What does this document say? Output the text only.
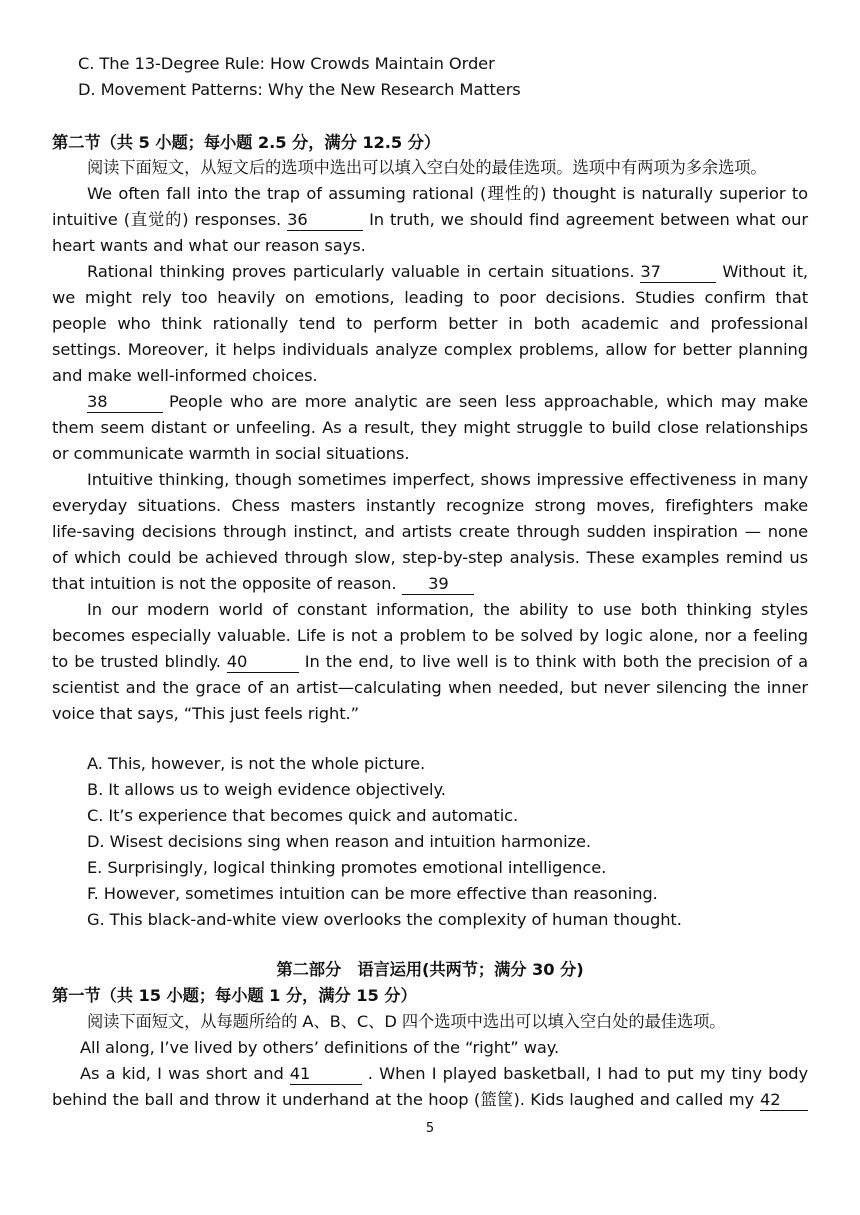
C. The 13-Degree Rule: How Crowds Maintain Order
D. Movement Patterns: Why the New Research Matters
第二节（共 5 小题；每小题 2.5 分，满分 12.5 分）
阅读下面短文，从短文后的选项中选出可以填入空白处的最佳选项。选项中有两项为多余选项。
We often fall into the trap of assuming rational (理性的) thought is naturally superior to
intuitive (直觉的) responses. 36	In truth, we should find agreement between what our
heart wants and what our reason says.
Rational thinking proves particularly valuable in certain situations. 37	Without it,
we might rely too heavily on emotions, leading to poor decisions. Studies confirm that
people who think rationally tend to perform better in both academic and professional
settings. Moreover, it helps individuals analyze complex problems, allow for better planning
and make well-informed choices.
38	People who are more analytic are seen less approachable, which may make
them seem distant or unfeeling. As a result, they might struggle to build close relationships
or communicate warmth in social situations.
Intuitive thinking, though sometimes imperfect, shows impressive effectiveness in many
everyday situations. Chess masters instantly recognize strong moves, firefighters make
life-saving decisions through instinct, and artists create through sudden inspiration — none
of which could be achieved through slow, step-by-step analysis. These examples remind us
that intuition is not the opposite of reason. 39
In our modern world of constant information, the ability to use both thinking styles
becomes especially valuable. Life is not a problem to be solved by logic alone, nor a feeling
to be trusted blindly. 40	In the end, to live well is to think with both the precision of a
scientist and the grace of an artist—calculating when needed, but never silencing the inner
voice that says, “This just feels right.”
A. This, however, is not the whole picture.
B. It allows us to weigh evidence objectively.
C. It’s experience that becomes quick and automatic.
D. Wisest decisions sing when reason and intuition harmonize.
E. Surprisingly, logical thinking promotes emotional intelligence.
F. However, sometimes intuition can be more effective than reasoning.
G. This black-and-white view overlooks the complexity of human thought.
第二部分　语言运用(共两节；满分 30 分)
第一节（共 15 小题；每小题 1 分，满分 15 分）
阅读下面短文，从每题所给的 A、B、C、D 四个选项中选出可以填入空白处的最佳选项。
All along, I’ve lived by others’ definitions of the “right” way.
As a kid, I was short and 41	. When I played basketball, I had to put my tiny body
behind the ball and throw it underhand at the hoop (篮筐). Kids laughed and called my 42
5
